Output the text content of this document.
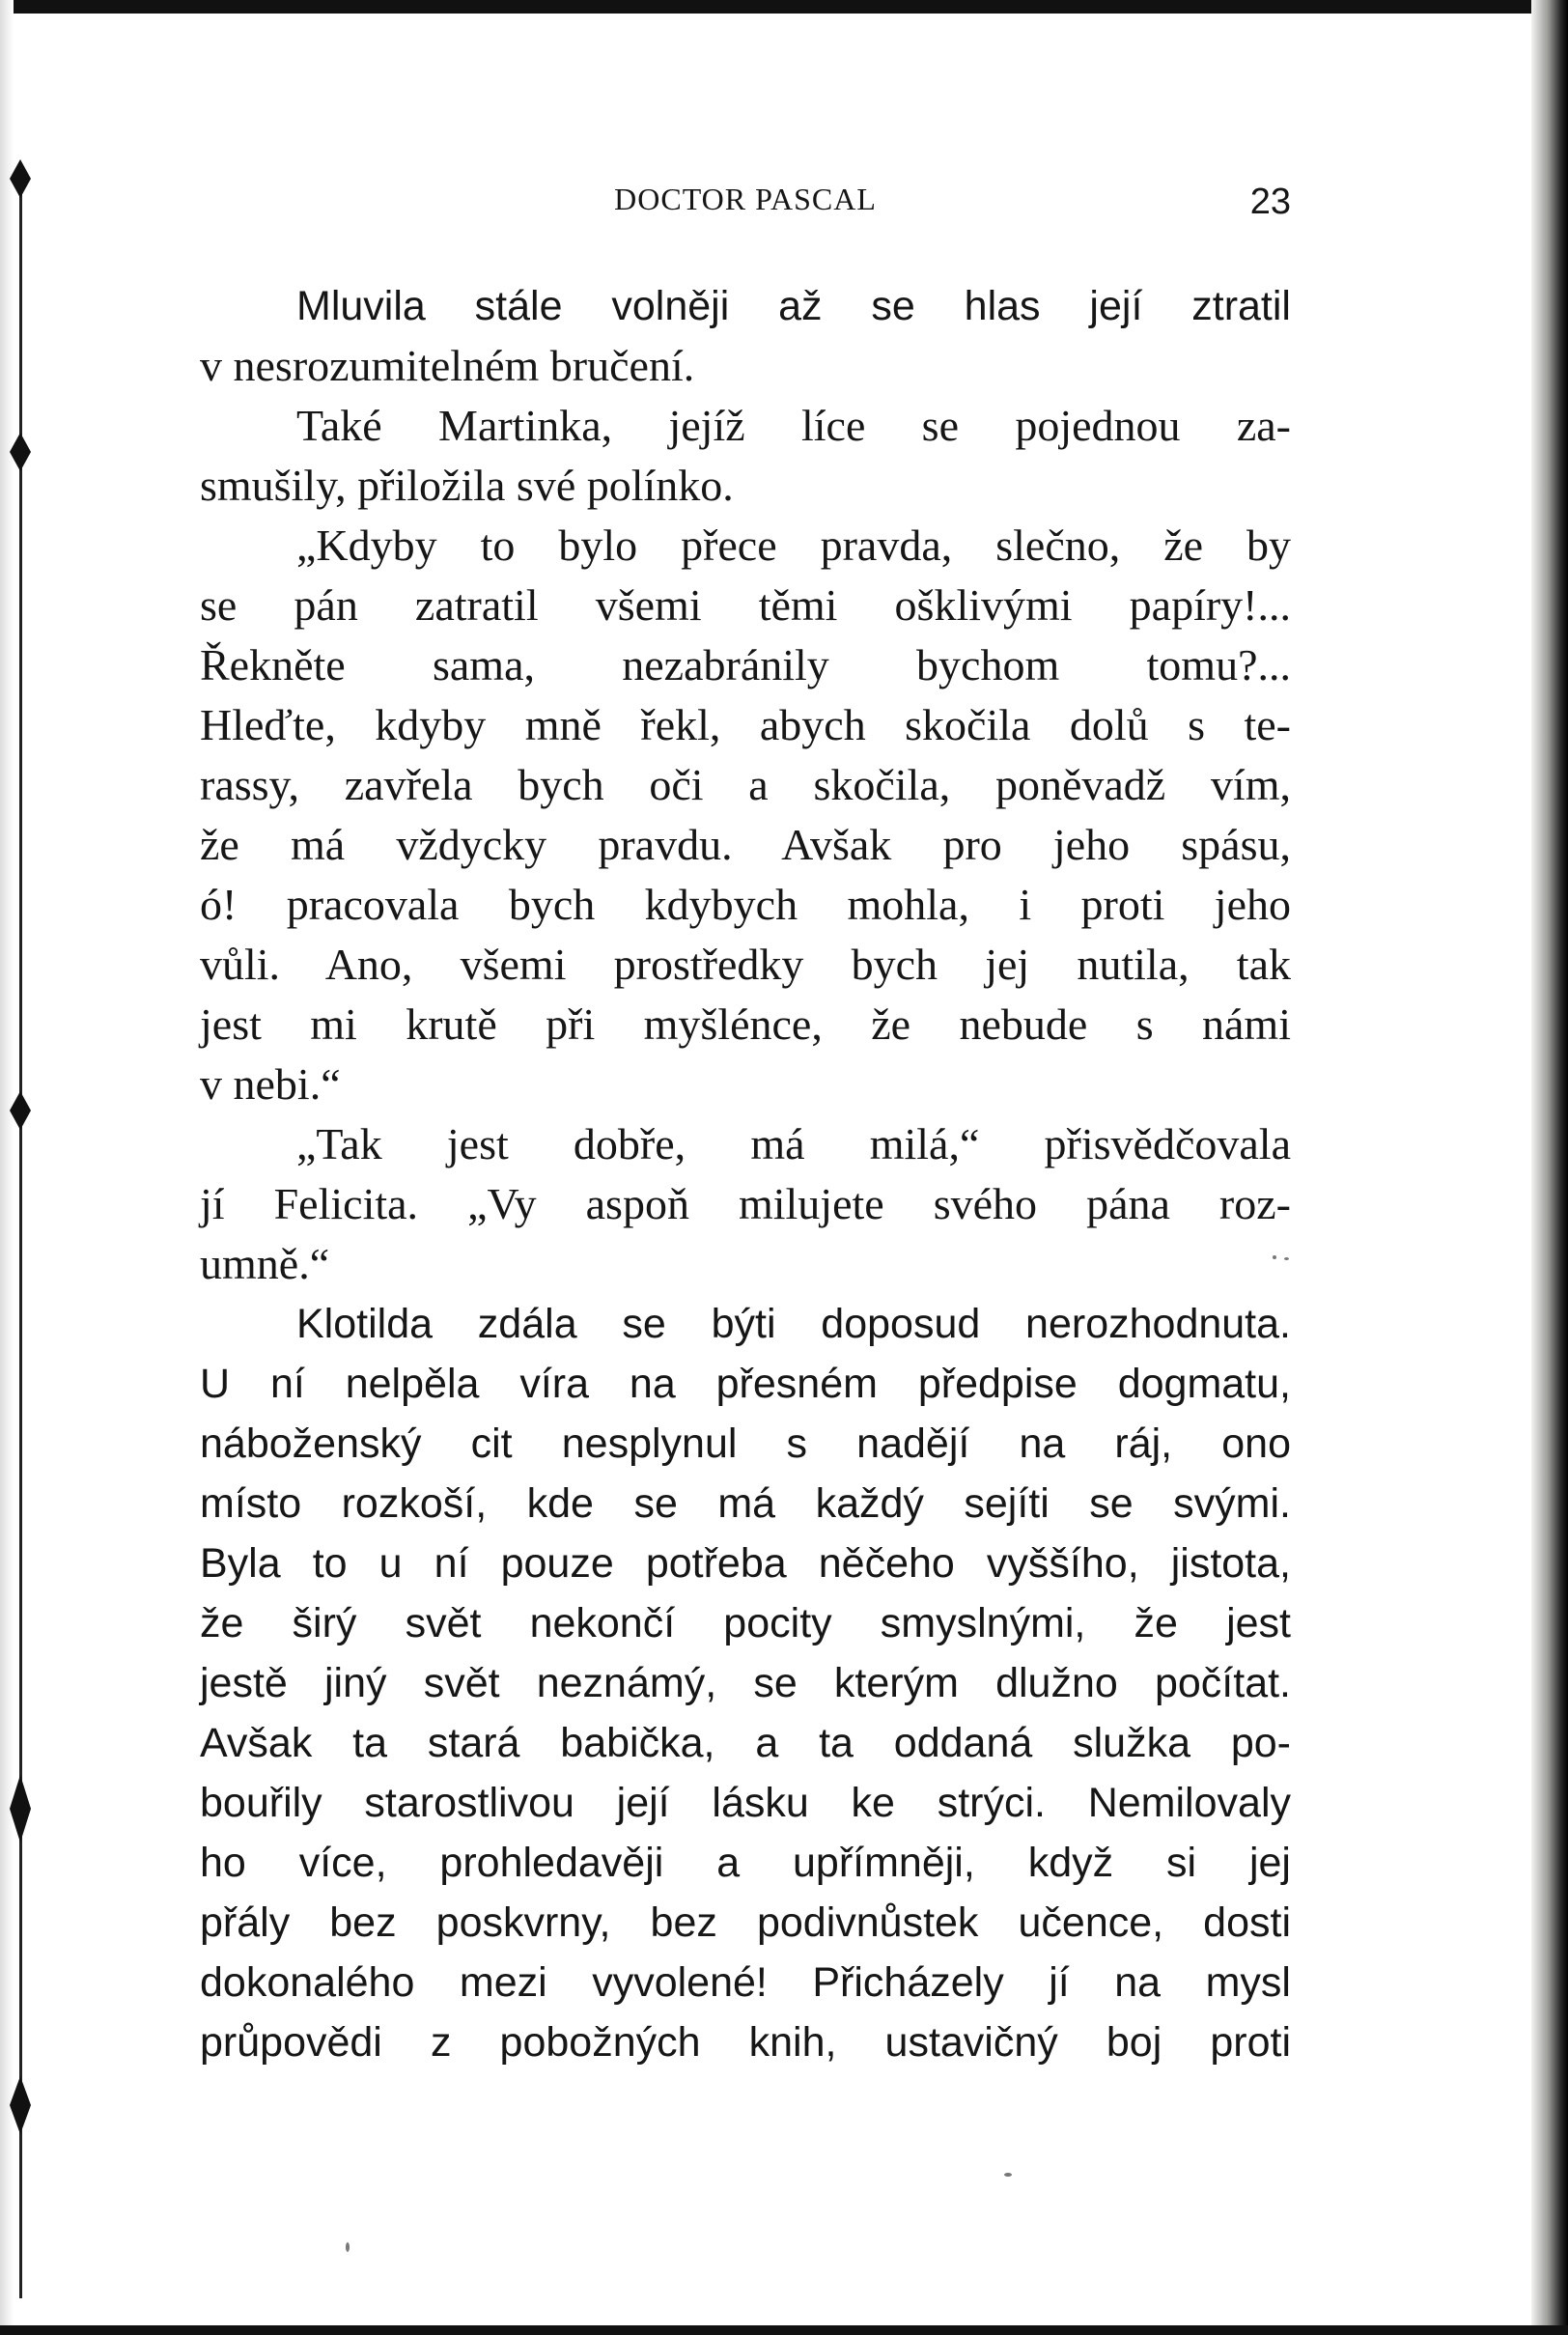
DOCTOR PASCAL	23
Mluvila stále volněji až se hlas její ztratil
v nesrozumitelném bručení.
Také Martinka, jejíž líce se pojednou za-
smušily, přiložila své polínko.
„Kdyby to bylo přece pravda, slečno, že by
se pán zatratil všemi těmi ošklivými papíry!...
Řekněte sama, nezabránily bychom tomu?...
Hleďte, kdyby mně řekl, abych skočila dolů s te-
rassy, zavřela bych oči a skočila, poněvadž vím,
že má vždycky pravdu. Avšak pro jeho spásu,
ó! pracovala bych kdybych mohla, i proti jeho
vůli. Ano, všemi prostředky bych jej nutila, tak
jest mi krutě při myšlénce, že nebude s námi
v nebi.“
„Tak jest dobře, má milá,“ přisvědčovala
jí Felicita. „Vy aspoň milujete svého pána roz-
umně.“
Klotilda zdála se býti doposud nerozhodnuta.
U ní nelpěla víra na přesném předpise dogmatu,
náboženský cit nesplynul s nadějí na ráj, ono
místo rozkoší, kde se má každý sejíti se svými.
Byla to u ní pouze potřeba něčeho vyššího, jistota,
že širý svět nekončí pocity smyslnými, že jest
jestě jiný svět neznámý, se kterým dlužno počítat.
Avšak ta stará babička, a ta oddaná služka po-
bouřily starostlivou její lásku ke strýci. Nemilovaly
ho více, prohledavěji a upřímněji, když si jej
přály bez poskvrny, bez podivnůstek učence, dosti
dokonalého mezi vyvolené! Přicházely jí na mysl
průpovědi z pobožných knih, ustavičný boj proti
